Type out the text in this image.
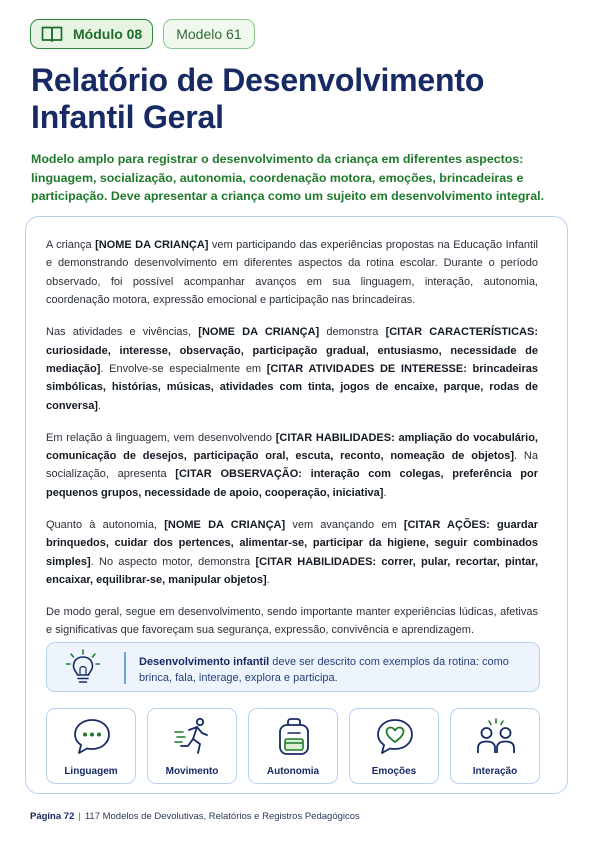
Módulo 08 Modelo 61
Relatório de Desenvolvimento Infantil Geral

Modelo amplo para registrar o desenvolvimento da criança em diferentes aspectos: linguagem, socialização, autonomia, coordenação motora, emoções, brincadeiras e participação. Deve apresentar a criança como um sujeito em desenvolvimento integral.

A criança [NOME DA CRIANÇA] vem participando das experiências propostas na Educação Infantil e demonstrando desenvolvimento em diferentes aspectos da rotina escolar. Durante o período observado, foi possível acompanhar avanços em sua linguagem, interação, autonomia, coordenação motora, expressão emocional e participação nas brincadeiras.

Nas atividades e vivências, [NOME DA CRIANÇA] demonstra [CITAR CARACTERÍSTICAS: curiosidade, interesse, observação, participação gradual, entusiasmo, necessidade de mediação]. Envolve-se especialmente em [CITAR ATIVIDADES DE INTERESSE: brincadeiras simbólicas, histórias, músicas, atividades com tinta, jogos de encaixe, parque, rodas de conversa].

Em relação à linguagem, vem desenvolvendo [CITAR HABILIDADES: ampliação do vocabulário, comunicação de desejos, participação oral, escuta, reconto, nomeação de objetos]. Na socialização, apresenta [CITAR OBSERVAÇÃO: interação com colegas, preferência por pequenos grupos, necessidade de apoio, cooperação, iniciativa].

Quanto à autonomia, [NOME DA CRIANÇA] vem avançando em [CITAR AÇÕES: guardar brinquedos, cuidar dos pertences, alimentar-se, participar da higiene, seguir combinados simples]. No aspecto motor, demonstra [CITAR HABILIDADES: correr, pular, recortar, pintar, encaixar, equilibrar-se, manipular objetos].

De modo geral, segue em desenvolvimento, sendo importante manter experiências lúdicas, afetivas e significativas que favoreçam sua segurança, expressão, convivência e aprendizagem.

Desenvolvimento infantil deve ser descrito com exemplos da rotina: como brinca, fala, interage, explora e participa.
Linguagem	Movimento	Autonomia	Emoções	Interação
Página 72 | 117 Modelos de Devolutivas, Relatórios e Registros Pedagógicos
